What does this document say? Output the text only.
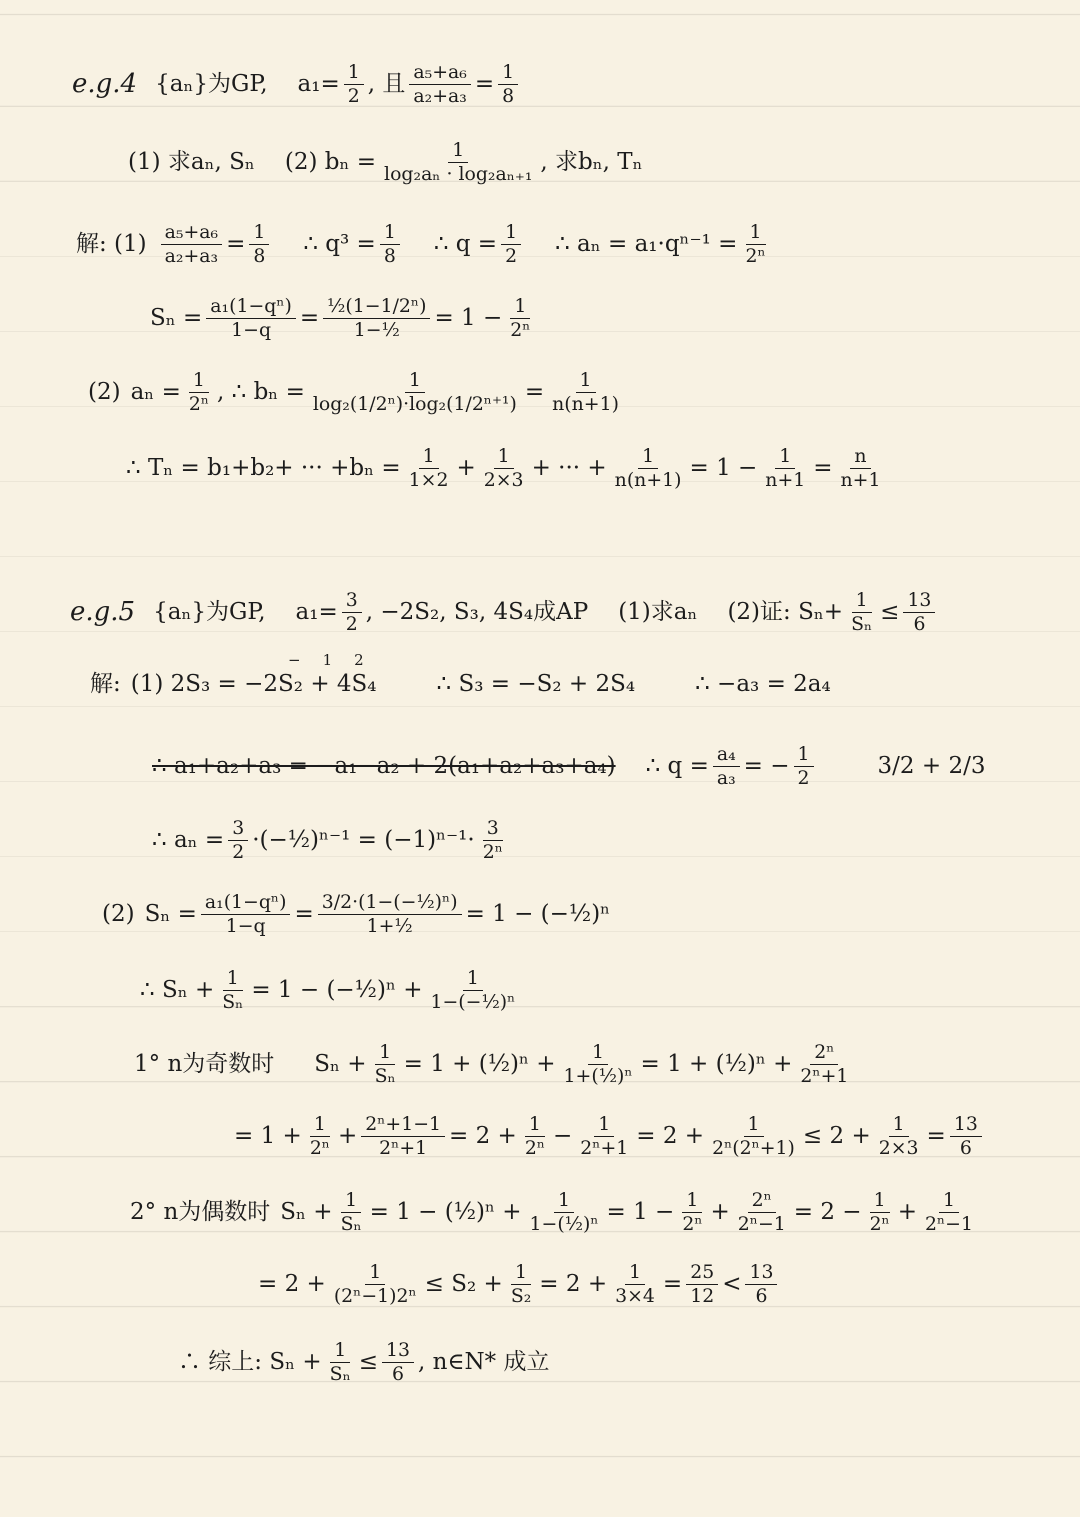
e.g.4 {aₙ}为GP, $a_1= \frac{1}{2}$ , 且 $\frac{\text{a₅+a₆}}{\text{a₂+a₃}} = \frac{1}{8}$
(1) 求aₙ, Sₙ (2) $b_n = \frac{1}{\text{log₂aₙ · log₂aₙ₊₁}}$ , 求bₙ, Tₙ
解: $(1) \frac{\text{a₅+a₆}}{\text{a₂+a₃}} = \frac{1}{8}$ ∴ $q^3 = \frac{1}{8}$ ∴ $q = \frac{1}{2}$ ∴ $a_n = a_1\cdot q^{n-1} = \frac{1}{\text{2ⁿ}}$
$S_n = \frac{\text{a₁(1−qⁿ)}}{1-q} = \frac{\text{½(1−1/2ⁿ)}}{\text{1−½}} = 1 - \frac{1}{\text{2ⁿ}}$
(2) $a_n = \frac{1}{\text{2ⁿ}}$ , ∴ $b_n = \frac{1}{\text{log₂(1/2ⁿ)·log₂(1/2ⁿ⁺¹)}} = \frac{1}{n(n+1)}$
∴ Tₙ = b₁+b₂+ ··· $+b_n = \frac{1}{1\times 2} + \frac{1}{2\times 3}$ + ··· + $\frac{1}{n(n+1)} = 1 - \frac{1}{n+1} = \frac{n}{n+1}$
e.g.5 {aₙ}为GP, $a_1= \frac{3}{2}$ , −2S₂, S₃, 4S₄成AP (1)求aₙ (2)证: $S_n+ \frac{1}{\text{Sₙ}} \le \frac{13}{6}$
−1 2
解: (1) 2S₃ = −2S₂ + 4S₄	∴ S₃ = −S₂ + 2S₄	∴ −a₃ = 2a₄
∴ a₁+a₂+a₃ = −a₁−a₂ + 2(a₁+a₂+a₃+a₄) ∴ $q = \frac{\text{a₄}}{\text{a₃}}$ = − $\frac{1}{2}$	3/2 + 2/3
∴ $a_n = \frac{3}{2}$ ·(−½)ⁿ⁻¹ = $(-1)^{n-1}\cdot \frac{3}{\text{2ⁿ}}$
(2) $S_n = \frac{\text{a₁(1−qⁿ)}}{1-q} = \frac{\text{3/2·(1−(−½)ⁿ)}}{\text{1+½}} = 1$ − (−½)ⁿ
∴ $S_n + \frac{1}{\text{Sₙ}} = 1$ − (−½)ⁿ + $\frac{1}{\text{1−(−½)ⁿ}}$
1° n为奇数时 $S_n + \frac{1}{\text{Sₙ}} = 1$ + (½)ⁿ + $\frac{1}{\text{1+(½)ⁿ}} = 1$ + (½)ⁿ + $\frac{\text{2ⁿ}}{\text{2ⁿ+1}}$
= $1 + \frac{1}{\text{2ⁿ}} + \frac{\text{2ⁿ+1−1}}{\text{2ⁿ+1}} = 2 + \frac{1}{\text{2ⁿ}} - \frac{1}{\text{2ⁿ+1}} = 2 + \frac{1}{\text{2ⁿ(2ⁿ+1)}} \le 2 + \frac{1}{2\times 3} = \frac{13}{6}$
2° n为偶数时 $S_n + \frac{1}{\text{Sₙ}} = 1$ − (½)ⁿ + $\frac{1}{\text{1−(½)ⁿ}} = 1 - \frac{1}{\text{2ⁿ}} + \frac{\text{2ⁿ}}{\text{2ⁿ−1}} = 2 - \frac{1}{\text{2ⁿ}} + \frac{1}{\text{2ⁿ−1}}$
= $2 + \frac{1}{\text{(2ⁿ−1)2ⁿ}} \le S_2 + \frac{1}{\text{S₂}} = 2 + \frac{1}{3\times 4} = \frac{25}{12} < \frac{13}{6}$
∴ 综上: $S_n + \frac{1}{\text{Sₙ}} \le \frac{13}{6}$ , n∈N* 成立
